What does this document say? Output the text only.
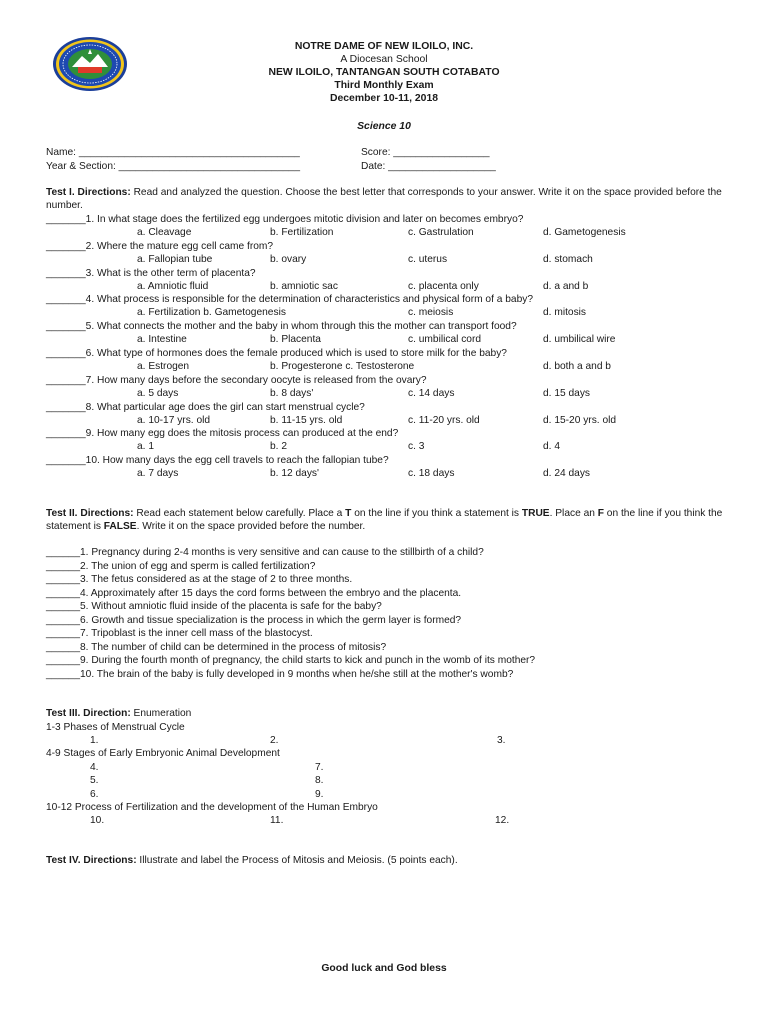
NOTRE DAME OF NEW ILOILO, INC.
A Diocesan School
NEW ILOILO, TANTANGAN SOUTH COTABATO
Third Monthly Exam
December 10-11, 2018
Science 10
Name: _______________________________________	Score: _________________
Year & Section: ________________________________	Date: ___________________
Test I. Directions: Read and analyzed the question. Choose the best letter that corresponds to your answer. Write it on the space provided before the number.
_______1. In what stage does the fertilized egg undergoes mitotic division and later on becomes embryo?
a. Cleavage	b. Fertilization	c. Gastrulation	d. Gametogenesis
_______2. Where the mature egg cell came from?
a. Fallopian tube	b. ovary	c. uterus	d. stomach
_______3. What is the other term of placenta?
a. Amniotic fluid	b. amniotic sac	c. placenta only	d. a and b
_______4. What process is responsible for the determination of characteristics and physical form of a baby?
a. Fertilization b. Gametogenesis	c. meiosis	d. mitosis
_______5. What connects the mother and the baby in whom through this the mother can transport food?
a. Intestine	b. Placenta	c. umbilical cord	d. umbilical wire
_______6. What type of hormones does the female produced which is used to store milk for the baby?
a. Estrogen	b. Progesterone c. Testosterone	d. both a and b
_______7. How many days before the secondary oocyte is released from the ovary?
a. 5 days	b. 8 days'	c. 14 days	d. 15 days
_______8. What particular age does the girl can start menstrual cycle?
a. 10-17 yrs. old	b. 11-15 yrs. old	c. 11-20 yrs. old	d. 15-20 yrs. old
_______9. How many egg does the mitosis process can produced at the end?
a. 1	b. 2	c. 3	d. 4
_______10. How many days the egg cell travels to reach the fallopian tube?
a. 7 days	b. 12 days'	c. 18 days	d. 24 days
Test II. Directions: Read each statement below carefully. Place a T on the line if you think a statement is TRUE. Place an F on the line if you think the statement is FALSE. Write it on the space provided before the number.
______1. Pregnancy during 2-4 months is very sensitive and can cause to the stillbirth of a child?
______2. The union of egg and sperm is called fertilization?
______3. The fetus considered as at the stage of 2 to three months.
______4. Approximately after 15 days the cord forms between the embryo and the placenta.
______5. Without amniotic fluid inside of the placenta is safe for the baby?
______6. Growth and tissue specialization is the process in which the germ layer is formed?
______7. Tripoblast is the inner cell mass of the blastocyst.
______8. The number of child can be determined in the process of mitosis?
______9. During the fourth month of pregnancy, the child starts to kick and punch in the womb of its mother?
______10. The brain of the baby is fully developed in 9 months when he/she still at the mother's womb?
Test III. Direction: Enumeration
1-3 Phases of Menstrual Cycle
1.	2.	3.
4-9 Stages of Early Embryonic Animal Development
4.	7.
5.	8.
6.	9.
10-12 Process of Fertilization and the development of the Human Embryo
10.	11.	12.
Test IV. Directions: Illustrate and label the Process of Mitosis and Meiosis. (5 points each).
Good luck and God bless
